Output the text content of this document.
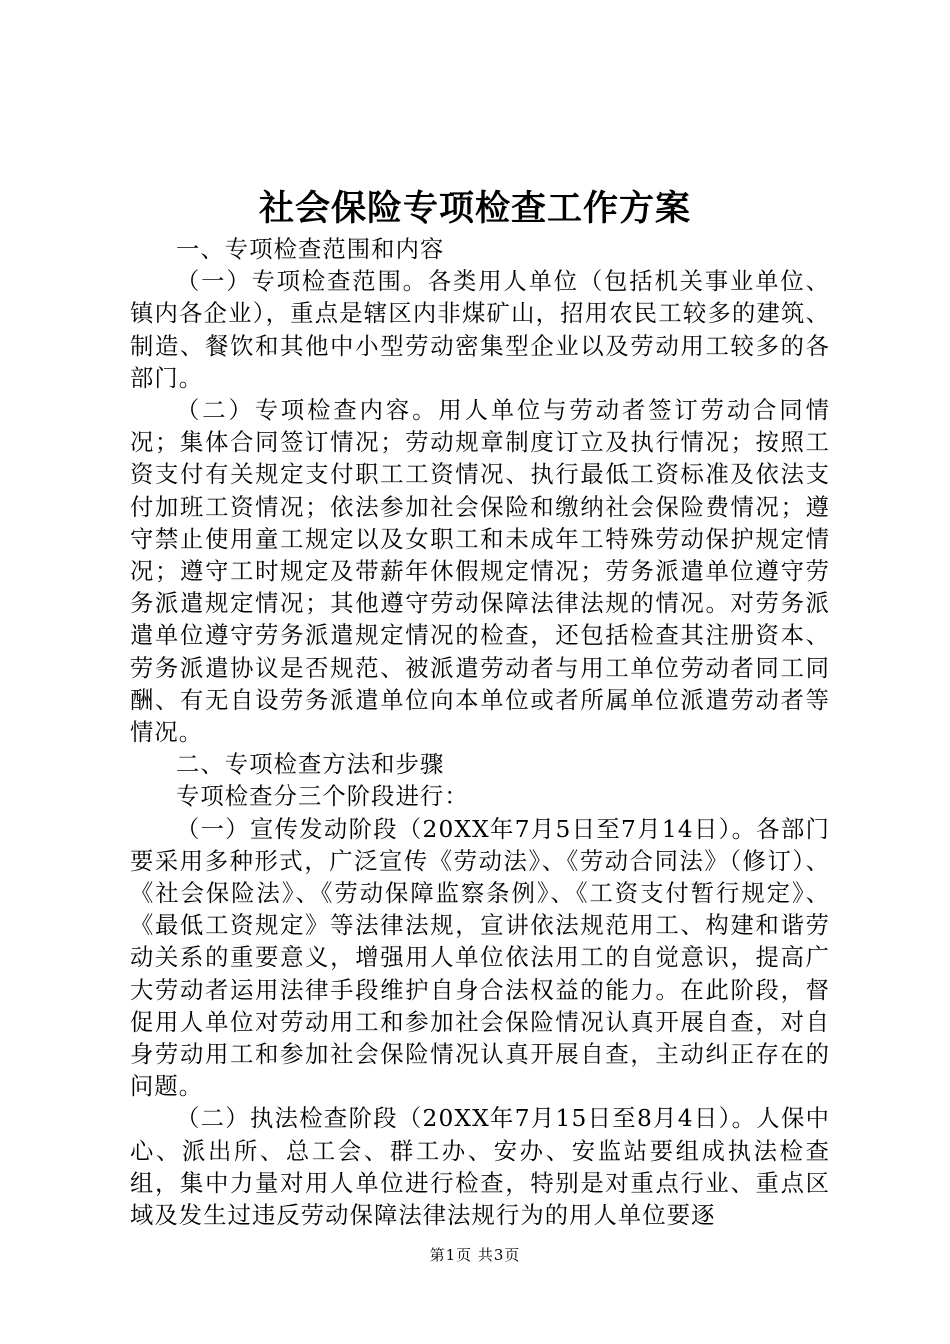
社会保险专项检查工作方案

一、专项检查范围和内容

（一）专项检查范围。各类用人单位（包括机关事业单位、镇内各企业），重点是辖区内非煤矿山，招用农民工较多的建筑、制造、餐饮和其他中小型劳动密集型企业以及劳动用工较多的各部门。

（二）专项检查内容。用人单位与劳动者签订劳动合同情况；集体合同签订情况；劳动规章制度订立及执行情况；按照工资支付有关规定支付职工工资情况、执行最低工资标准及依法支付加班工资情况；依法参加社会保险和缴纳社会保险费情况；遵守禁止使用童工规定以及女职工和未成年工特殊劳动保护规定情况；遵守工时规定及带薪年休假规定情况；劳务派遣单位遵守劳务派遣规定情况；其他遵守劳动保障法律法规的情况。对劳务派遣单位遵守劳务派遣规定情况的检查，还包括检查其注册资本、劳务派遣协议是否规范、被派遣劳动者与用工单位劳动者同工同酬、有无自设劳务派遣单位向本单位或者所属单位派遣劳动者等情况。

二、专项检查方法和步骤

专项检查分三个阶段进行：

（一）宣传发动阶段（20XX年7月5日至7月14日）。各部门要采用多种形式，广泛宣传《劳动法》、《劳动合同法》（修订）、《社会保险法》、《劳动保障监察条例》、《工资支付暂行规定》、《最低工资规定》等法律法规，宣讲依法规范用工、构建和谐劳动关系的重要意义，增强用人单位依法用工的自觉意识，提高广大劳动者运用法律手段维护自身合法权益的能力。在此阶段，督促用人单位对劳动用工和参加社会保险情况认真开展自查，对自身劳动用工和参加社会保险情况认真开展自查，主动纠正存在的问题。

（二）执法检查阶段（20XX年7月15日至8月4日）。人保中心、派出所、总工会、群工办、安办、安监站要组成执法检查组，集中力量对用人单位进行检查，特别是对重点行业、重点区域及发生过违反劳动保障法律法规行为的用人单位要逐

第1页 共3页
